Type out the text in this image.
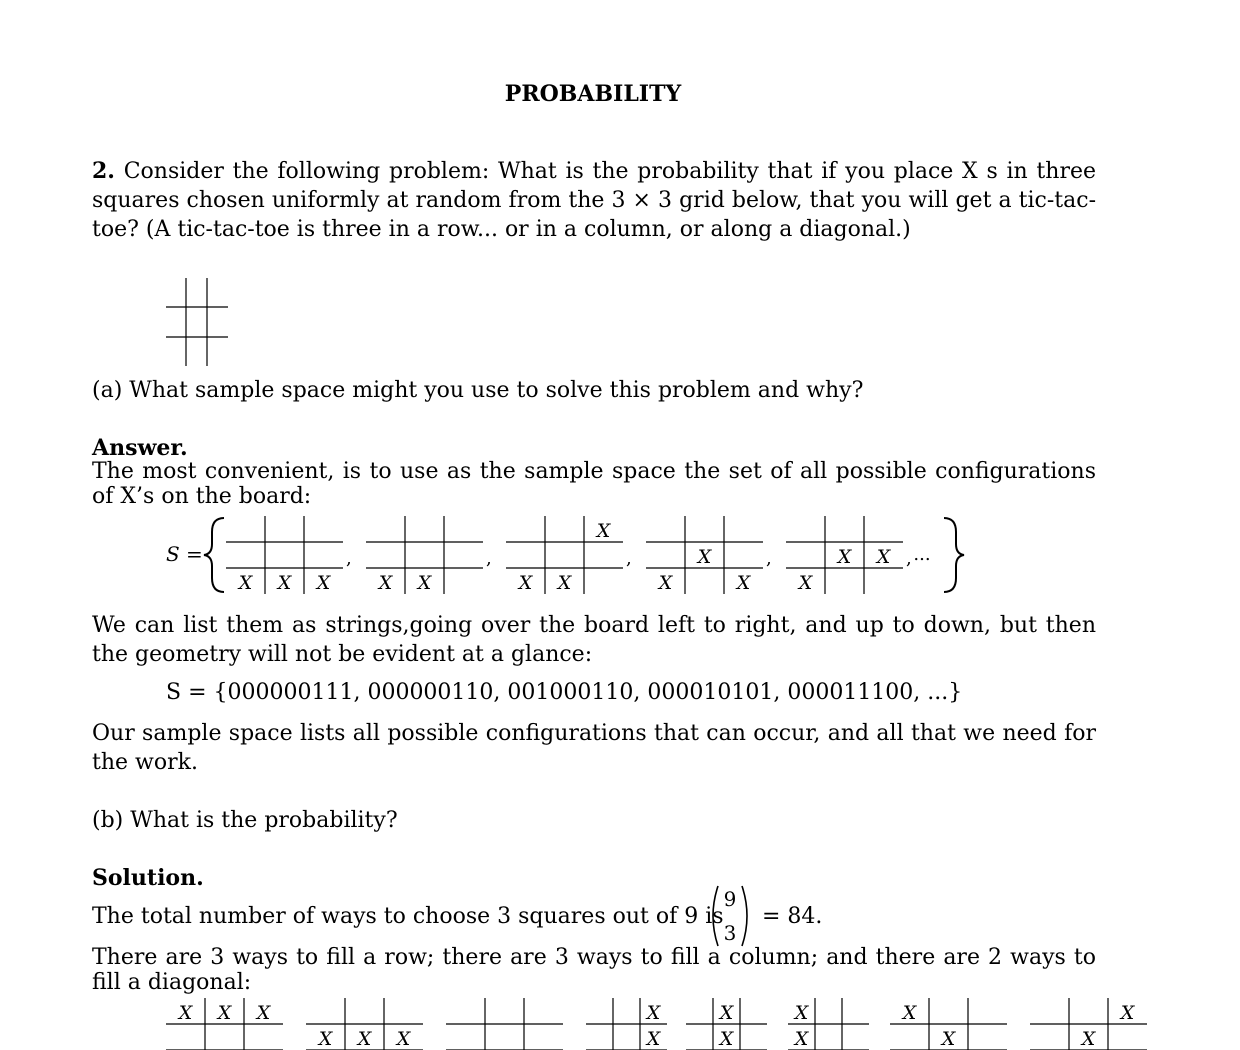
PROBABILITY
2. Consider the following problem: What is the probability that if you place X s in three squares chosen uniformly at random from the 3 × 3 grid below, that you will get a tic-tac-toe? (A tic-tac-toe is three in a row... or in a column, or along a diagonal.)
(a) What sample space might you use to solve this problem and why?
Answer.
The most convenient, is to use as the sample space the set of all possible configurations of X’s on the board:
S =
X X X
,
X X
,
X
X X
,	X
X	X
,	X X
X
, ...
We can list them as strings,going over the board left to right, and up to down, but then the geometry will not be evident at a glance:
S = {000000111, 000000110, 001000110, 000010101, 000011100, ...}
Our sample space lists all possible configurations that can occur, and all that we need for the work.
(b) What is the probability?
Solution.
The total number of ways to choose 3 squares out of 9 is
9
3
= 84.
There are 3 ways to fill a row; there are 3 ways to fill a column; and there are 2 ways to fill a diagonal:
X X X
X X X
X
X
X
X
X
X
X
X
X
X
